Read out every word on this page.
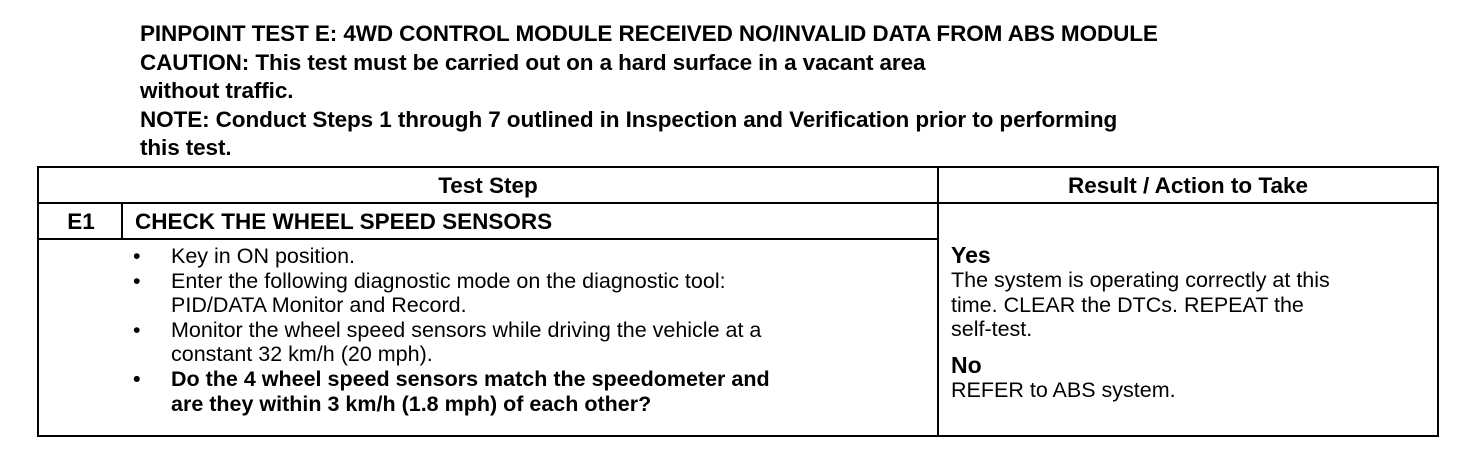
PINPOINT TEST E: 4WD CONTROL MODULE RECEIVED NO/INVALID DATA FROM ABS MODULE
CAUTION: This test must be carried out on a hard surface in a vacant area
without traffic.
NOTE: Conduct Steps 1 through 7 outlined in Inspection and Verification prior to performing
this test.
Test Step	Result / Action to Take
E1	CHECK THE WHEEL SPEED SENSORS
• Key in ON position.
• Enter the following diagnostic mode on the diagnostic tool:
PID/DATA Monitor and Record.
• Monitor the wheel speed sensors while driving the vehicle at a
constant 32 km/h (20 mph).
• Do the 4 wheel speed sensors match the speedometer and
are they within 3 km/h (1.8 mph) of each other?
Yes
The system is operating correctly at this
time. CLEAR the DTCs. REPEAT the
self-test.
No
REFER to ABS system.
